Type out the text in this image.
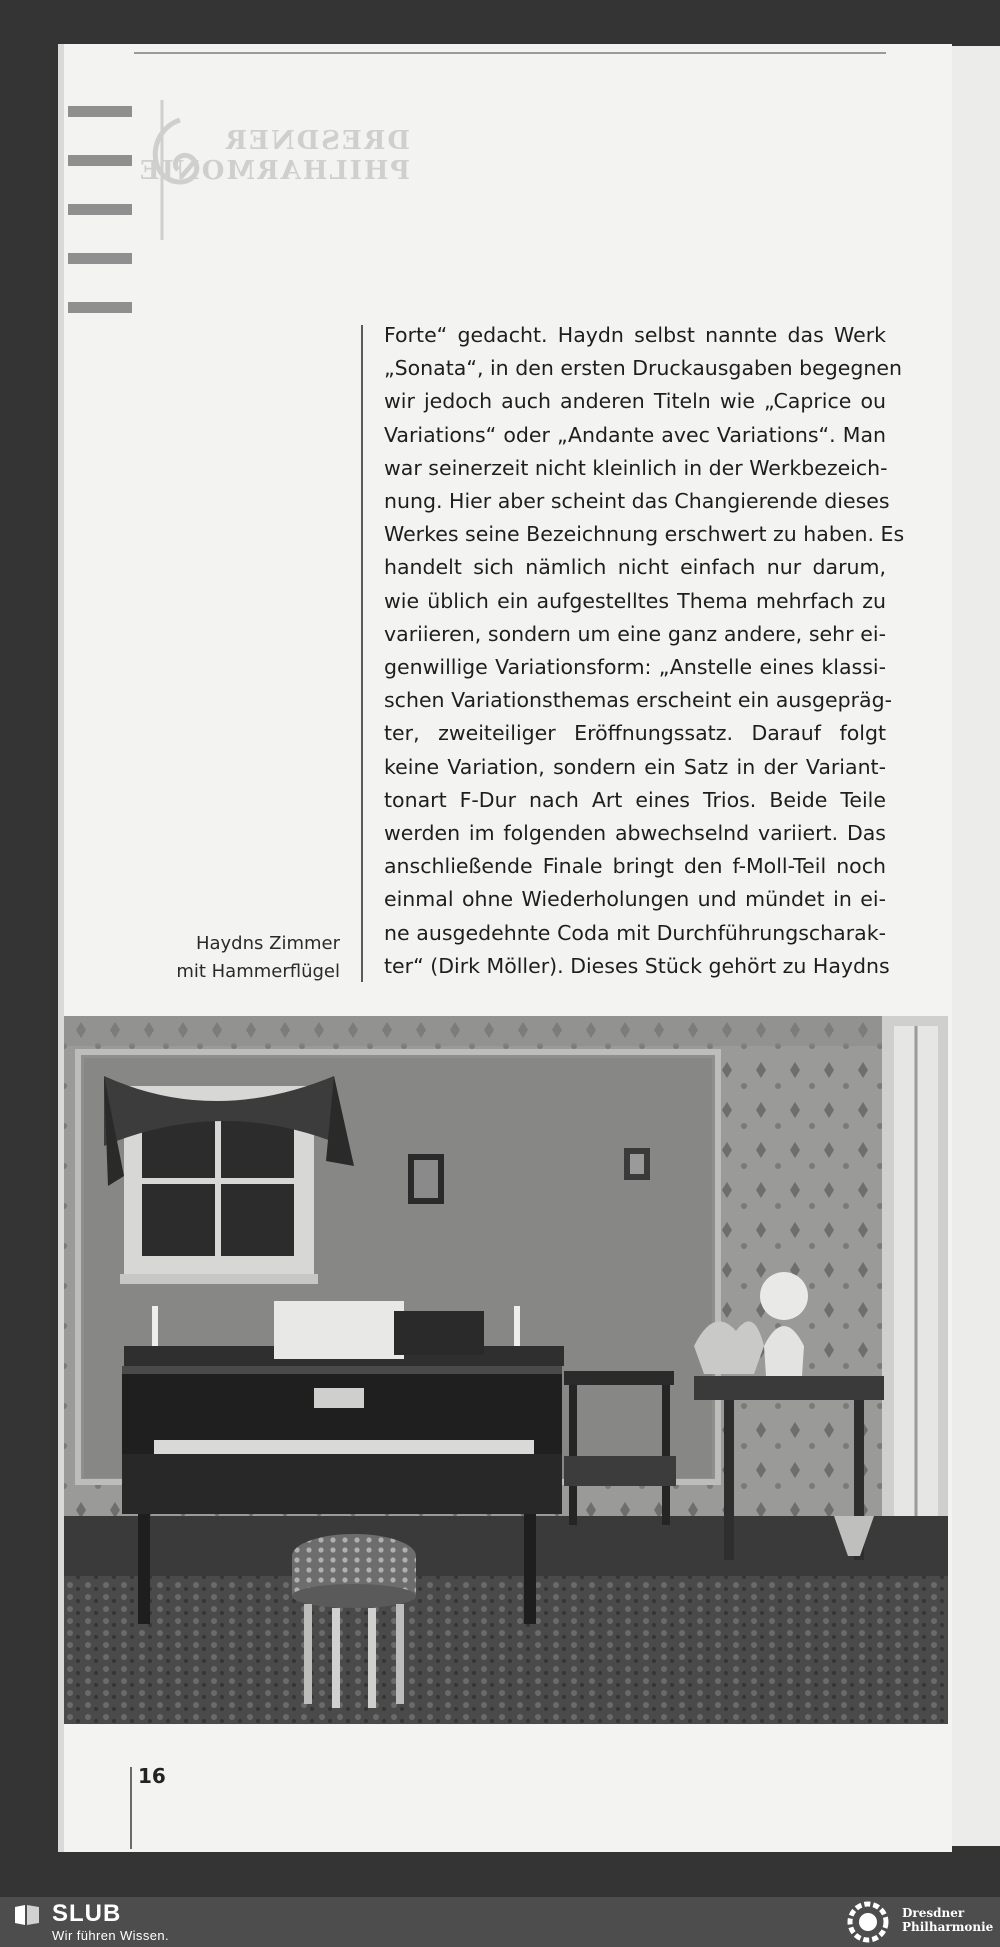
DRESDNER
PHILHARMONIE
Forte“ gedacht. Haydn selbst nannte das Werk
„Sonata“, in den ersten Druckausgaben begegnen
wir jedoch auch anderen Titeln wie „Caprice ou
Variations“ oder „Andante avec Variations“. Man
war seinerzeit nicht kleinlich in der Werkbezeich-
nung. Hier aber scheint das Changierende dieses
Werkes seine Bezeichnung erschwert zu haben. Es
handelt sich nämlich nicht einfach nur darum,
wie üblich ein aufgestelltes Thema mehrfach zu
variieren, sondern um eine ganz andere, sehr ei-
genwillige Variationsform: „Anstelle eines klassi-
schen Variationsthemas erscheint ein ausgepräg-
ter, zweiteiliger Eröffnungssatz. Darauf folgt
keine Variation, sondern ein Satz in der Variant-
tonart F-Dur nach Art eines Trios. Beide Teile
werden im folgenden abwechselnd variiert. Das
anschließende Finale bringt den f-Moll-Teil noch
einmal ohne Wiederholungen und mündet in ei-
ne ausgedehnte Coda mit Durchführungscharak-
ter“ (Dirk Möller). Dieses Stück gehört zu Haydns
Haydns Zimmer
mit Hammerflügel
16
SLUB
Wir führen Wissen.
Dresdner
Philharmonie
